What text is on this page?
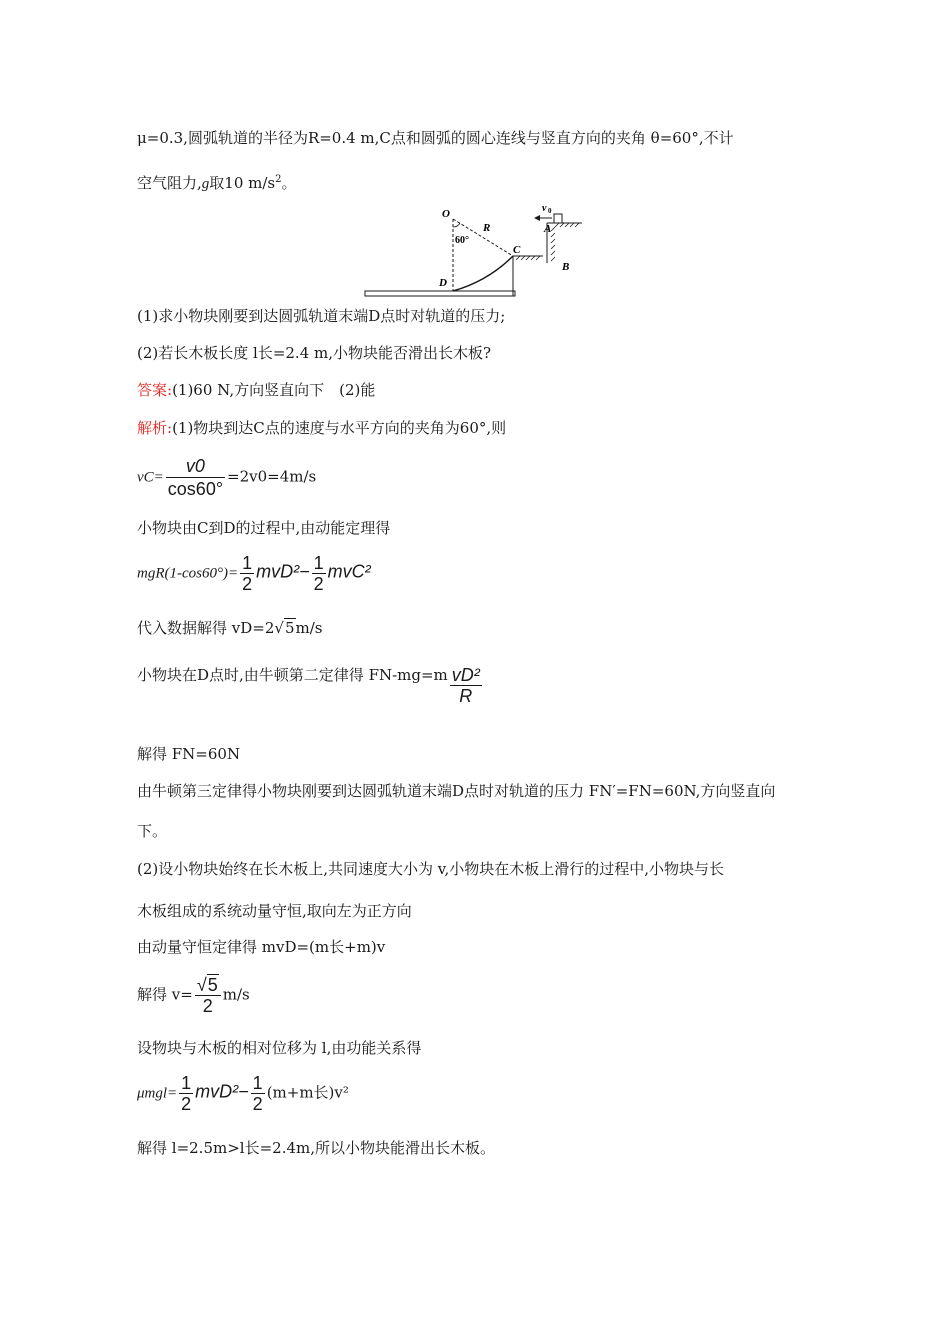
μ=0.3,圆弧轨道的半径为R=0.4 m,C点和圆弧的圆心连线与竖直方向的夹角 θ=60°,不计
空气阻力,g取10 $m/s^2$。
O
R
60°
C
A
B
D
v 0
(1)求小物块刚要到达圆弧轨道末端D点时对轨道的压力;
(2)若长木板长度 l长=2.4 m,小物块能否滑出长木板?
答案:(1)60 N,方向竖直向下　(2)能
解析:(1)物块到达C点的速度与水平方向的夹角为60°,则
$vC= \frac{v0}{\cos 60^\circ} =2v0=4m/s$
小物块由C到D的过程中,由动能定理得
$mgR(1-\cos 60^\circ)= \frac{1}{2} mvD^2- \frac{1}{2} mvC^2$
代入数据解得 vD=2√5m/s
小物块在D点时,由牛顿第二定律得 $FN-mg=m \frac{\text{vD²}}{R}$
解得 FN=60N
由牛顿第三定律得小物块刚要到达圆弧轨道末端D点时对轨道的压力 FN′=FN=60N,方向竖直向
下。
(2)设小物块始终在长木板上,共同速度大小为 v,小物块在木板上滑行的过程中,小物块与长
木板组成的系统动量守恒,取向左为正方向
由动量守恒定律得 mvD=(m长+m)v
解得 $v= \frac{√5}{2} m/s$
设物块与木板的相对位移为 l,由功能关系得
$\mu mgl= \frac{1}{2} mvD^2- \frac{1}{2} (m+m$长)v²
解得 l=2.5m>l长=2.4m,所以小物块能滑出长木板。
